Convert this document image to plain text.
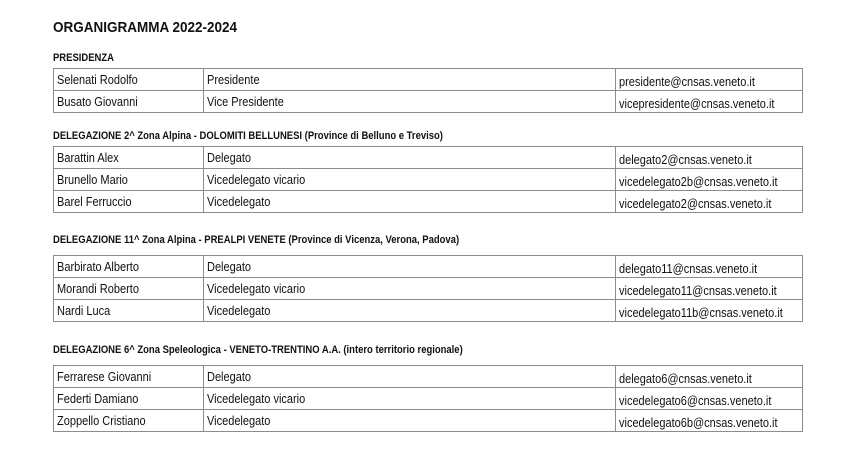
ORGANIGRAMMA 2022-2024
PRESIDENZA
Selenati Rodolfo	Presidente	presidente@cnsas.veneto.it
Busato Giovanni	Vice Presidente	vicepresidente@cnsas.veneto.it
DELEGAZIONE 2^ Zona Alpina - DOLOMITI BELLUNESI (Province di Belluno e Treviso)
Barattin Alex	Delegato	delegato2@cnsas.veneto.it
Brunello Mario	Vicedelegato vicario	vicedelegato2b@cnsas.veneto.it
Barel Ferruccio	Vicedelegato	vicedelegato2@cnsas.veneto.it
DELEGAZIONE 11^ Zona Alpina - PREALPI VENETE (Province di Vicenza, Verona, Padova)
Barbirato Alberto	Delegato	delegato11@cnsas.veneto.it
Morandi Roberto	Vicedelegato vicario	vicedelegato11@cnsas.veneto.it
Nardi Luca	Vicedelegato	vicedelegato11b@cnsas.veneto.it
DELEGAZIONE 6^ Zona Speleologica - VENETO-TRENTINO A.A. (intero territorio regionale)
Ferrarese Giovanni	Delegato	delegato6@cnsas.veneto.it
Federti Damiano	Vicedelegato vicario	vicedelegato6@cnsas.veneto.it
Zoppello Cristiano	Vicedelegato	vicedelegato6b@cnsas.veneto.it
